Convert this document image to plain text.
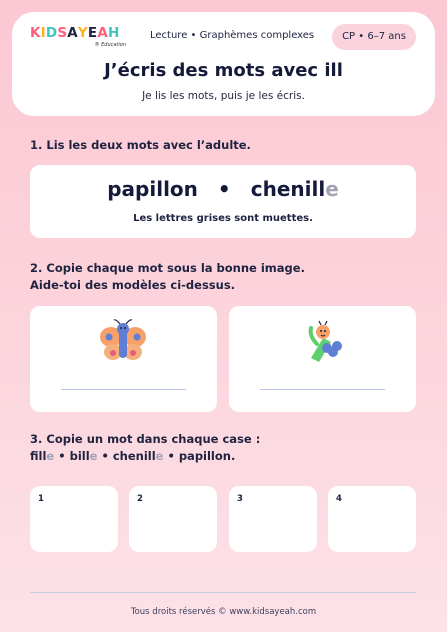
KIDSAYEAH
® Education
Lecture • Graphèmes complexes	CP • 6–7 ans
J’écris des mots avec ill
Je lis les mots, puis je les écris.
1. Lis les deux mots avec l’adulte.
papillon • chenille
Les lettres grises sont muettes.
2. Copie chaque mot sous la bonne image.
Aide-toi des modèles ci-dessus.
3. Copie un mot dans chaque case :
fille • bille • chenille • papillon.
1	2	3	4
Tous droits réservés © www.kidsayeah.com
